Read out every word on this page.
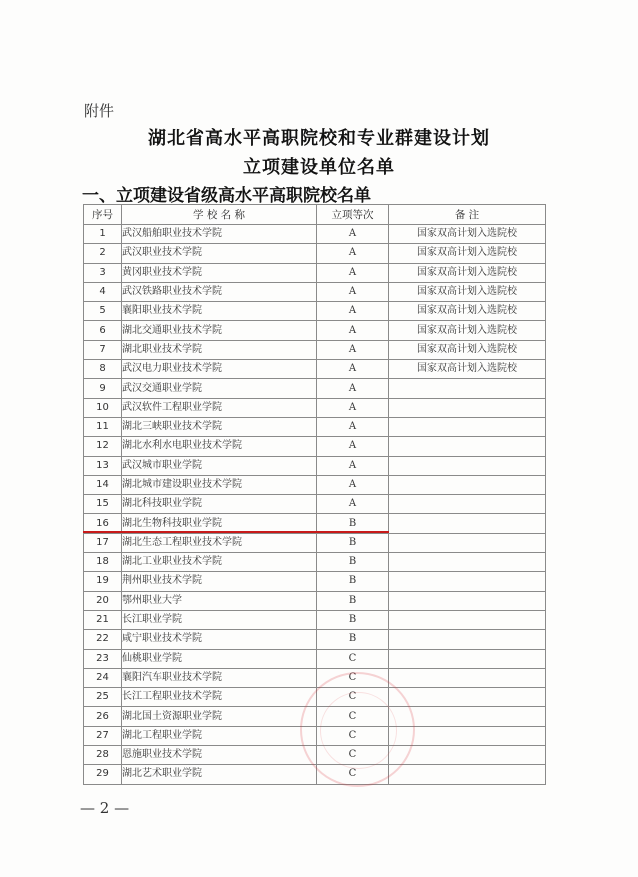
附件
湖北省高水平高职院校和专业群建设计划
立项建设单位名单
一、立项建设省级高水平高职院校名单
序号	学 校 名 称	立项等次	备 注
1	武汉船舶职业技术学院	A	国家双高计划入选院校
2	武汉职业技术学院	A	国家双高计划入选院校
3	黄冈职业技术学院	A	国家双高计划入选院校
4	武汉铁路职业技术学院	A	国家双高计划入选院校
5	襄阳职业技术学院	A	国家双高计划入选院校
6	湖北交通职业技术学院	A	国家双高计划入选院校
7	湖北职业技术学院	A	国家双高计划入选院校
8	武汉电力职业技术学院	A	国家双高计划入选院校
9	武汉交通职业学院	A	
10	武汉软件工程职业学院	A	
11	湖北三峡职业技术学院	A	
12	湖北水利水电职业技术学院	A	
13	武汉城市职业学院	A	
14	湖北城市建设职业技术学院	A	
15	湖北科技职业学院	A	
16	湖北生物科技职业学院	B	
17	湖北生态工程职业技术学院	B	
18	湖北工业职业技术学院	B	
19	荆州职业技术学院	B	
20	鄂州职业大学	B	
21	长江职业学院	B	
22	咸宁职业技术学院	B	
23	仙桃职业学院	C	
24	襄阳汽车职业技术学院	C	
25	长江工程职业技术学院	C	
26	湖北国土资源职业学院	C	
27	湖北工程职业学院	C	
28	恩施职业技术学院	C	
29	湖北艺术职业学院	C	
— 2 —
